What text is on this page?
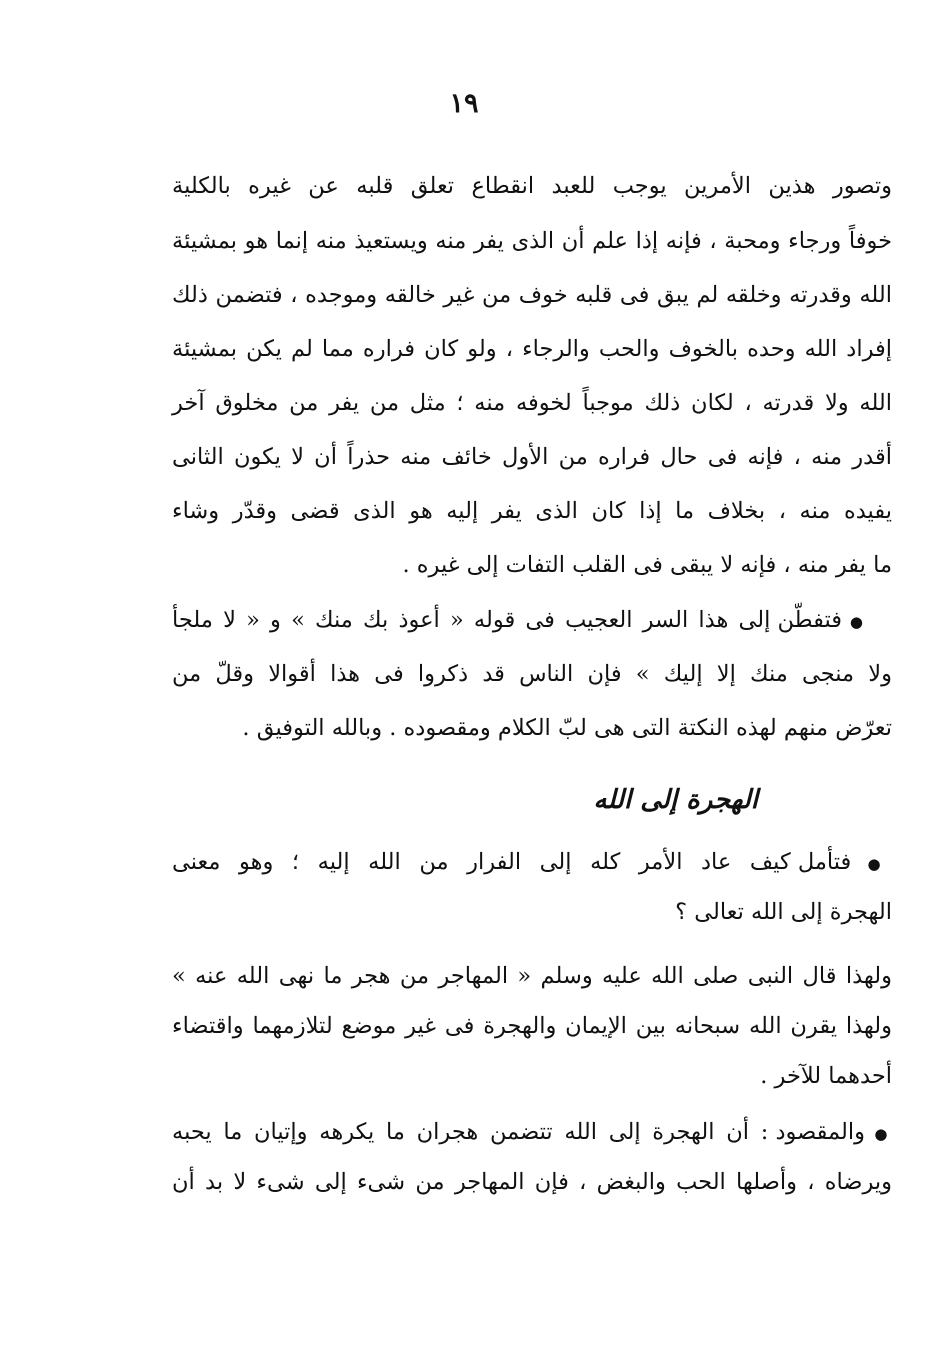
١٩
وتصور هذين الأمرين يوجب للعبد انقطاع تعلق قلبه عن غيره بالكلية
خوفاً ورجاء ومحبة ، فإنه إذا علم أن الذى يفر منه ويستعيذ منه إنما هو بمشيئة
الله وقدرته وخلقه لم يبق فى قلبه خوف من غير خالقه وموجده ، فتضمن ذلك
إفراد الله وحده بالخوف والحب والرجاء ، ولو كان فراره مما لم يكن بمشيئة
الله ولا قدرته ، لكان ذلك موجباً لخوفه منه ؛ مثل من يفر من مخلوق آخر
أقدر منه ، فإنه فى حال فراره من الأول خائف منه حذراً أن لا يكون الثانى
يفيده منه ، بخلاف ما إذا كان الذى يفر إليه هو الذى قضى وقدّر وشاء
ما يفر منه ، فإنه لا يبقى فى القلب التفات إلى غيره .
● فتفطّن إلى هذا السر العجيب فى قوله « أعوذ بك منك » و « لا ملجأ
ولا منجى منك إلا إليك » فإن الناس قد ذكروا فى هذا أقوالا وقلّ من
تعرّض منهم لهذه النكتة التى هى لبّ الكلام ومقصوده . وبالله التوفيق .
الهجرة إلى الله
● فتأمل كيف عاد الأمر كله إلى الفرار من الله إليه ؛ وهو معنى
الهجرة إلى الله تعالى ؟
ولهذا قال النبى صلى الله عليه وسلم « المهاجر من هجر ما نهى الله عنه »
ولهذا يقرن الله سبحانه بين الإيمان والهجرة فى غير موضع لتلازمهما واقتضاء
أحدهما للآخر .
● والمقصود : أن الهجرة إلى الله تتضمن هجران ما يكرهه وإتيان ما يحبه
ويرضاه ، وأصلها الحب والبغض ، فإن المهاجر من شىء إلى شىء لا بد أن
